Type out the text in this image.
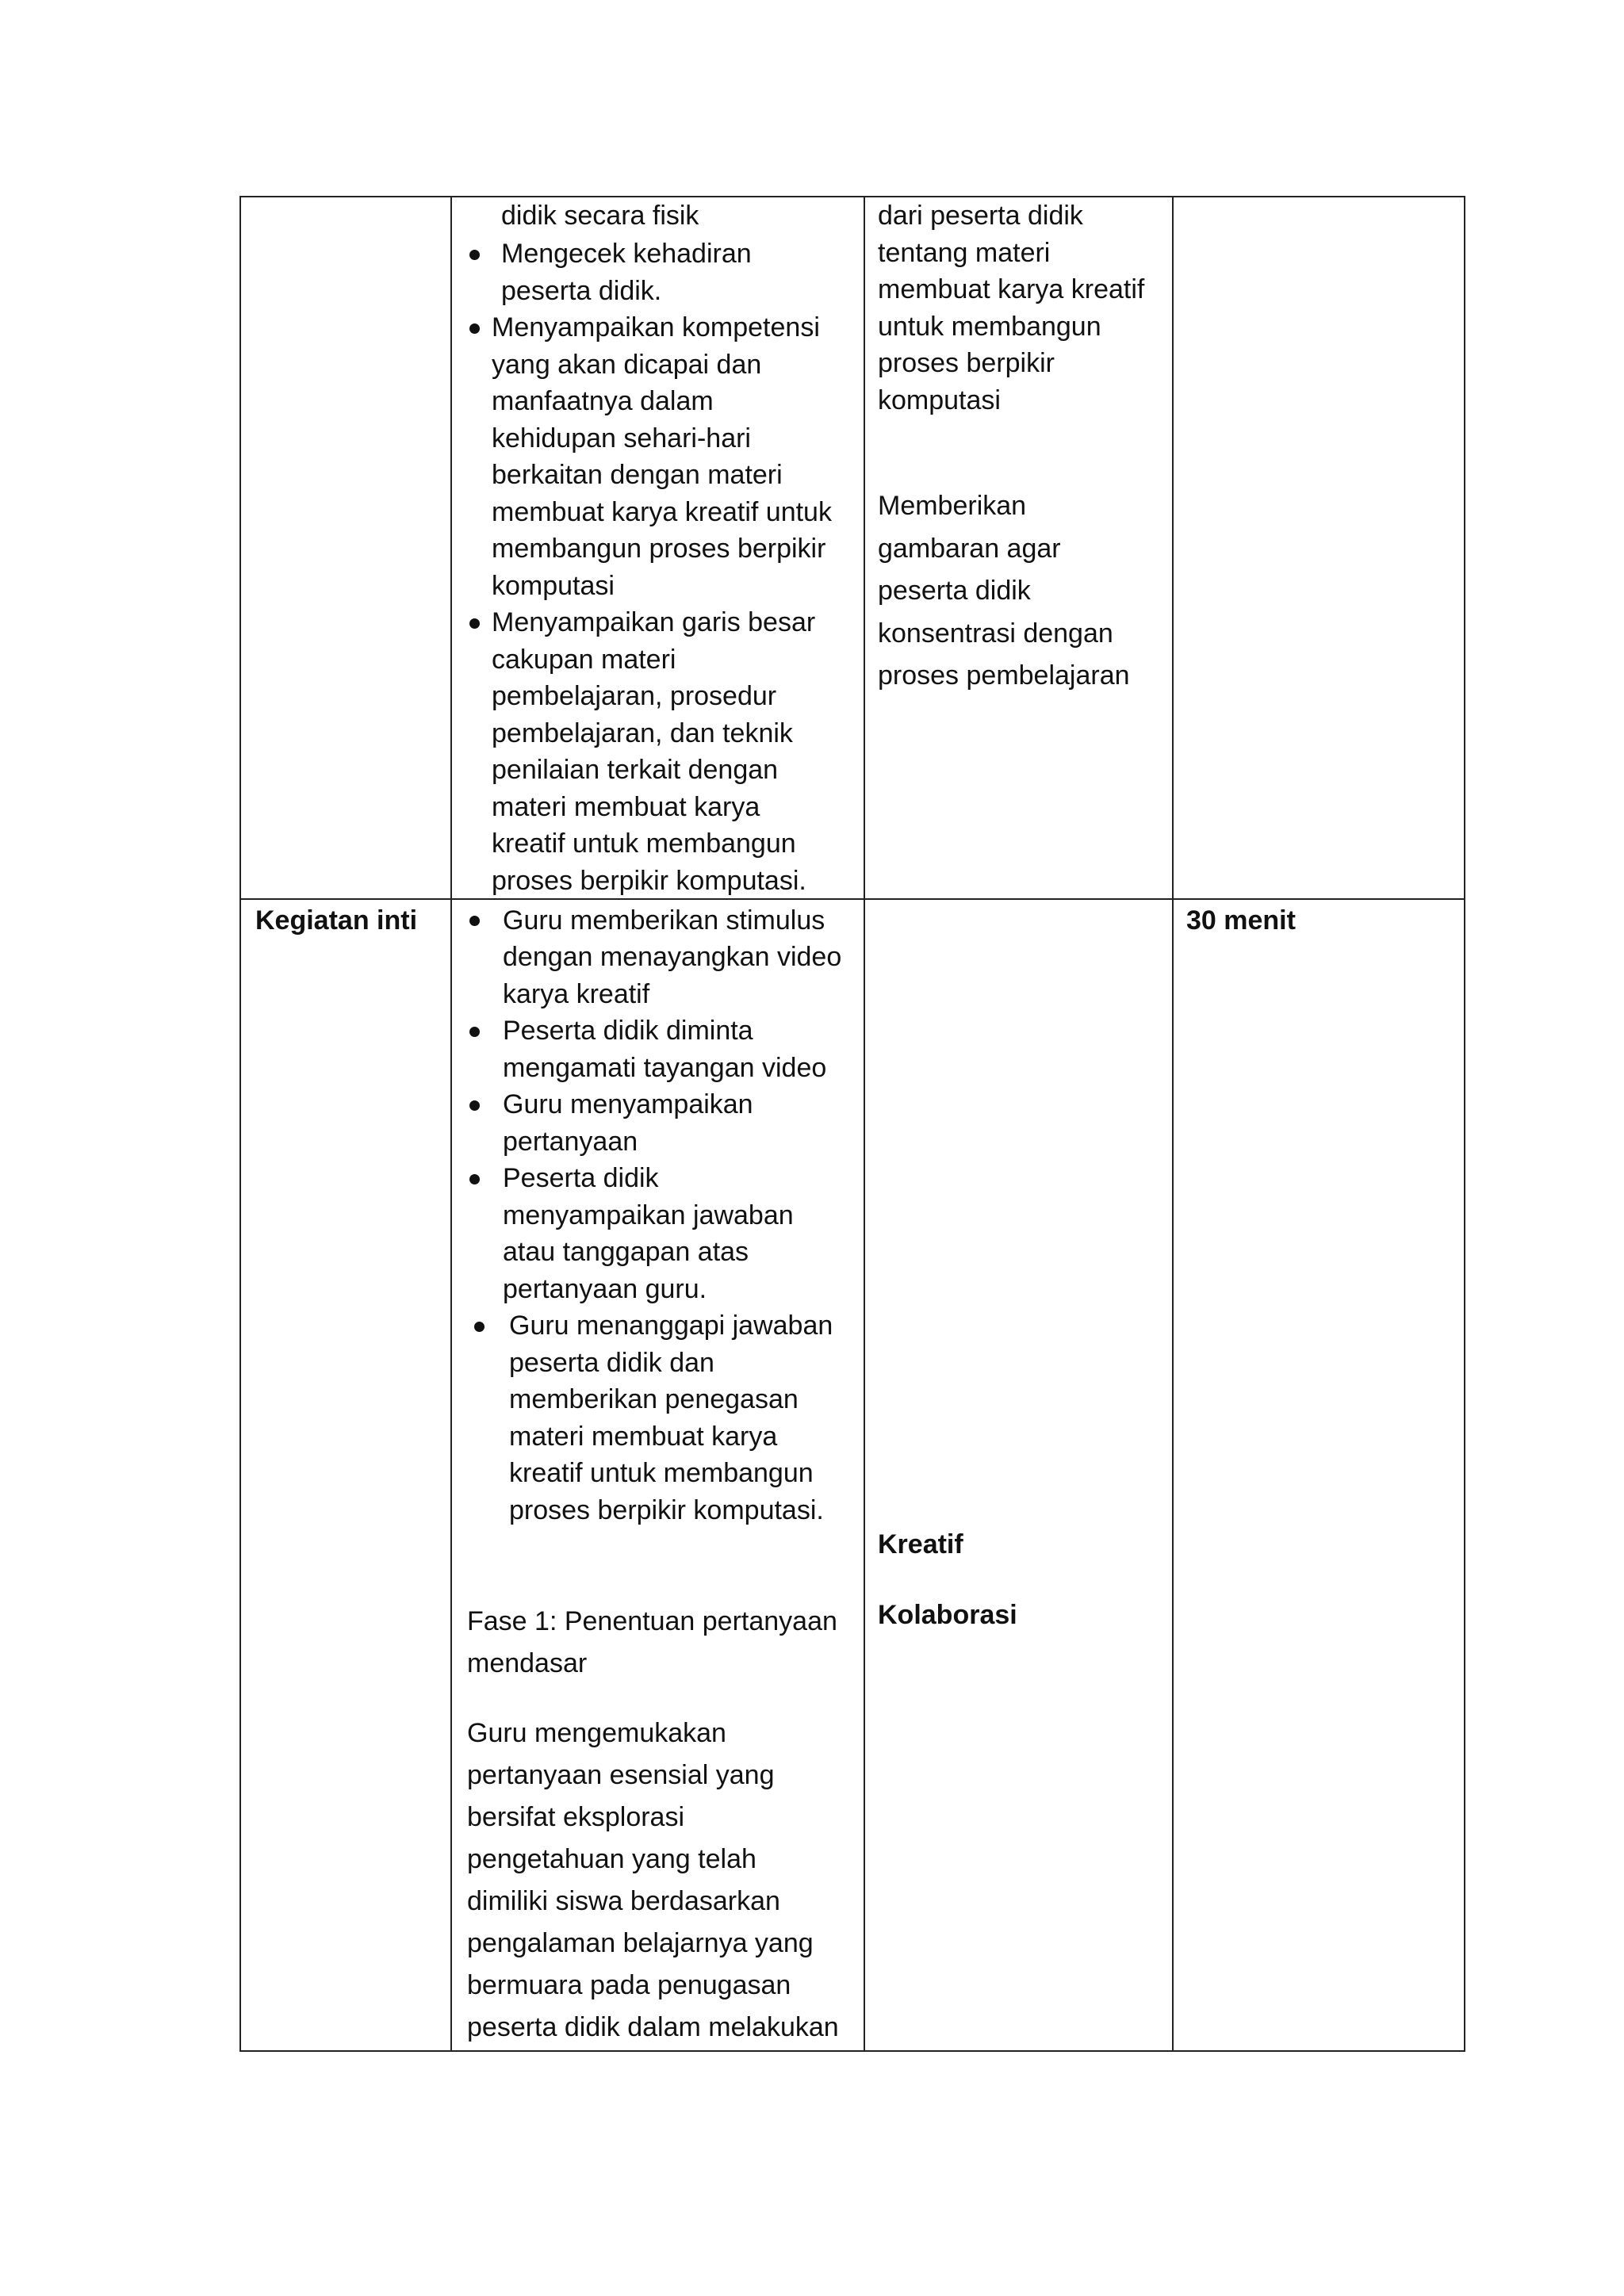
didik secara fisik
Mengecek kehadiran
peserta didik.
Menyampaikan kompetensi
yang akan dicapai dan
manfaatnya dalam
kehidupan sehari-hari
berkaitan dengan materi
membuat karya kreatif untuk
membangun proses berpikir
komputasi
Menyampaikan garis besar
cakupan materi
pembelajaran, prosedur
pembelajaran, dan teknik
penilaian terkait dengan
materi membuat karya
kreatif untuk membangun
proses berpikir komputasi.
dari peserta didik
tentang materi
membuat karya kreatif
untuk membangun
proses berpikir
komputasi
Memberikan
gambaran agar
peserta didik
konsentrasi dengan
proses pembelajaran
Kegiatan inti	Guru memberikan stimulus
dengan menayangkan video
karya kreatif
Peserta didik diminta
mengamati tayangan video
Guru menyampaikan
pertanyaan
Peserta didik
menyampaikan jawaban
atau tanggapan atas
pertanyaan guru.
Guru menanggapi jawaban
peserta didik dan
memberikan penegasan
materi membuat karya
kreatif untuk membangun
proses berpikir komputasi.
Fase 1: Penentuan pertanyaan
mendasar
Guru mengemukakan
pertanyaan esensial yang
bersifat eksplorasi
pengetahuan yang telah
dimiliki siswa berdasarkan
pengalaman belajarnya yang
bermuara pada penugasan
peserta didik dalam melakukan
Kreatif
Kolaborasi
30 menit
